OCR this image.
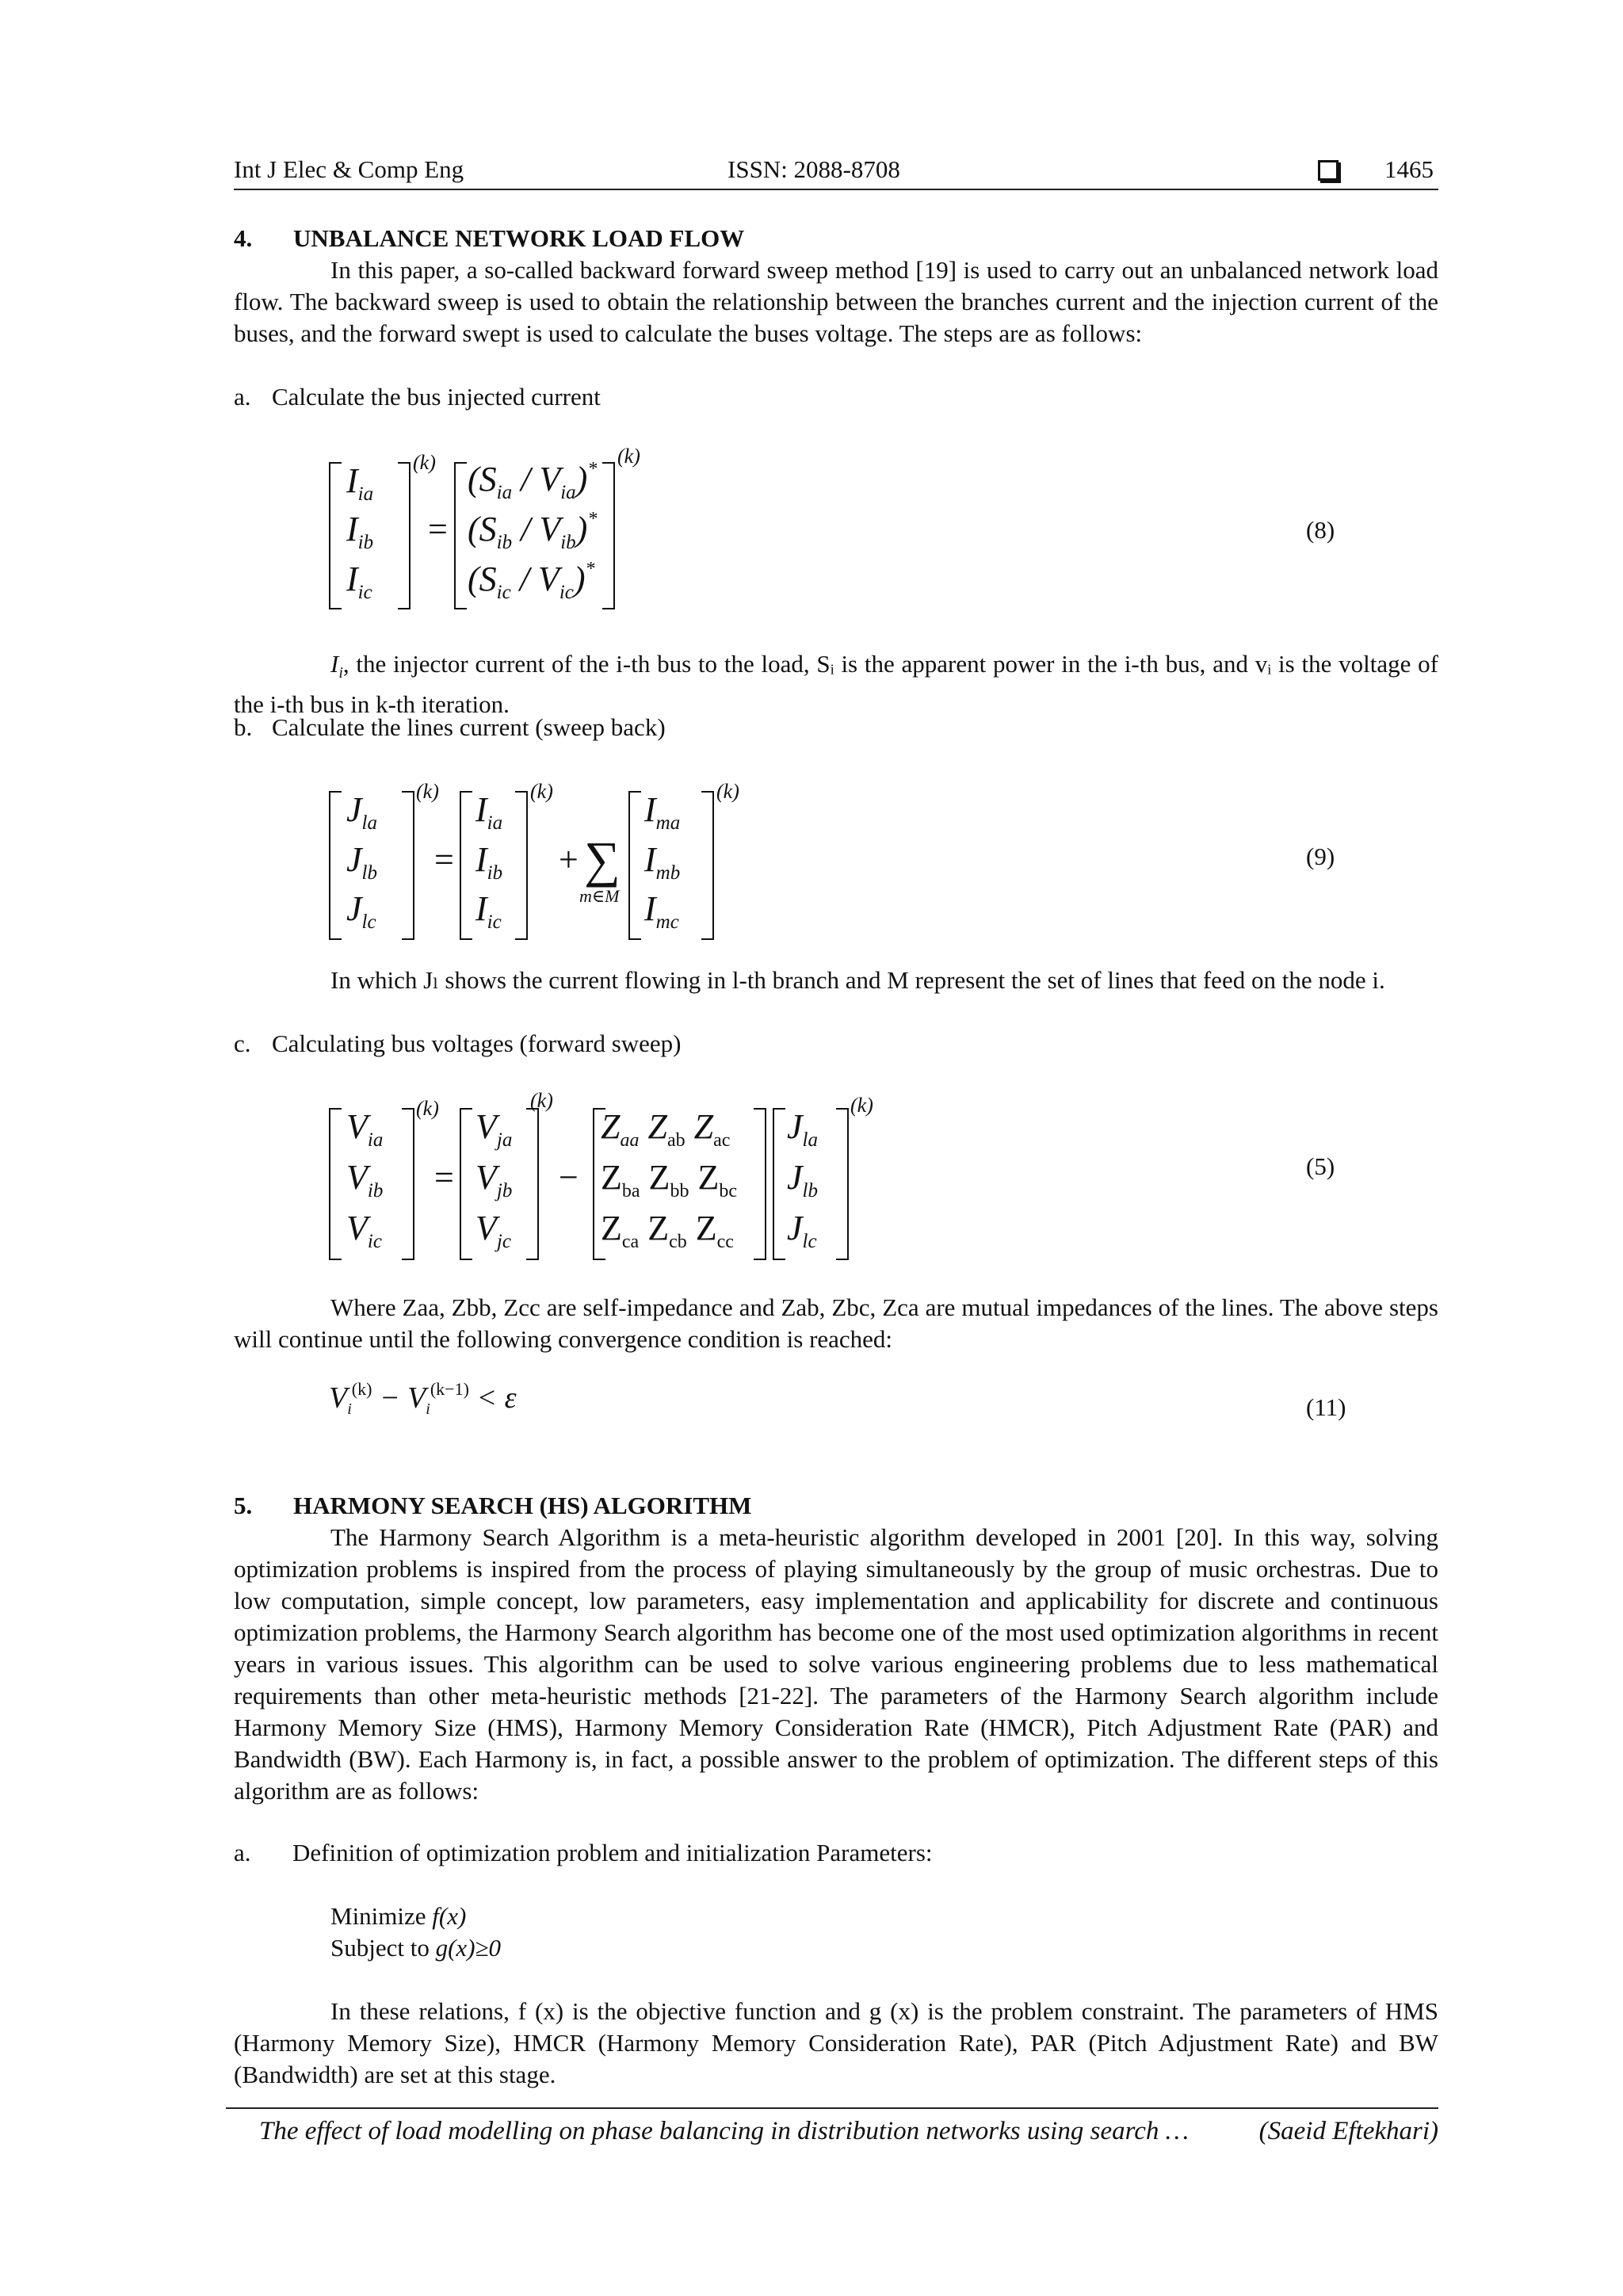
Int J Elec & Comp Eng	ISSN: 2088-8708	1465
4. UNBALANCE NETWORK LOAD FLOW
In this paper, a so-called backward forward sweep method [19] is used to carry out an unbalanced network load flow. The backward sweep is used to obtain the relationship between the branches current and the injection current of the buses, and the forward swept is used to calculate the buses voltage. The steps are as follows:
a. Calculate the bus injected current
$I_{ia}$
$I_{ib}$
$I_{ic}$
(k)
=
$(S_{ia} / V_{ia})^*$
$(S_{ib} / V_{ib})^*$
$(S_{ic} / V_{ic})^*$
(k)
(8)
$I_i$, the injector current of the i-th bus to the load, Sᵢ is the apparent power in the i-th bus, and vᵢ is the voltage of the i-th bus in k-th iteration.
b. Calculate the lines current (sweep back)
$J_{la}$
$J_{lb}$
$J_{lc}$
(k)
=
$I_{ia}$
$I_{ib}$
$I_{ic}$
(k)
+ ∑
m∈M
$I_{ma}$
$I_{mb}$
$I_{mc}$
(k)
(9)
In which Jₗ shows the current flowing in l-th branch and M represent the set of lines that feed on the node i.
c. Calculating bus voltages (forward sweep)
$V_{ia}$
$V_{ib}$
$V_{ic}$
(k)
=
$V_{ja}$
$V_{jb}$
$V_{jc}$
(k)
−
$Z_{aa}$ $Z_{ab}$ $Z_{ac}$
$Z_{ba}$ $Z_{bb}$ $Z_{bc}$
$Z_{ca}$ $Z_{cb}$ $Z_{cc}$
$J_{la}$
$J_{lb}$
$J_{lc}$
(k)
(5)
Where Zaa, Zbb, Zcc are self-impedance and Zab, Zbc, Zca are mutual impedances of the lines. The above steps will continue until the following convergence condition is reached:
$V_i^{(k)} - V_i^{(k-1)} < \varepsilon$	(11)
5. HARMONY SEARCH (HS) ALGORITHM
The Harmony Search Algorithm is a meta-heuristic algorithm developed in 2001 [20]. In this way, solving optimization problems is inspired from the process of playing simultaneously by the group of music orchestras. Due to low computation, simple concept, low parameters, easy implementation and applicability for discrete and continuous optimization problems, the Harmony Search algorithm has become one of the most used optimization algorithms in recent years in various issues. This algorithm can be used to solve various engineering problems due to less mathematical requirements than other meta-heuristic methods [21-22]. The parameters of the Harmony Search algorithm include Harmony Memory Size (HMS), Harmony Memory Consideration Rate (HMCR), Pitch Adjustment Rate (PAR) and Bandwidth (BW). Each Harmony is, in fact, a possible answer to the problem of optimization. The different steps of this algorithm are as follows:
a. Definition of optimization problem and initialization Parameters:
Minimize f(x)
Subject to g(x)≥0
In these relations, f (x) is the objective function and g (x) is the problem constraint. The parameters of HMS (Harmony Memory Size), HMCR (Harmony Memory Consideration Rate), PAR (Pitch Adjustment Rate) and BW (Bandwidth) are set at this stage.
The effect of load modelling on phase balancing in distribution networks using search …	(Saeid Eftekhari)
